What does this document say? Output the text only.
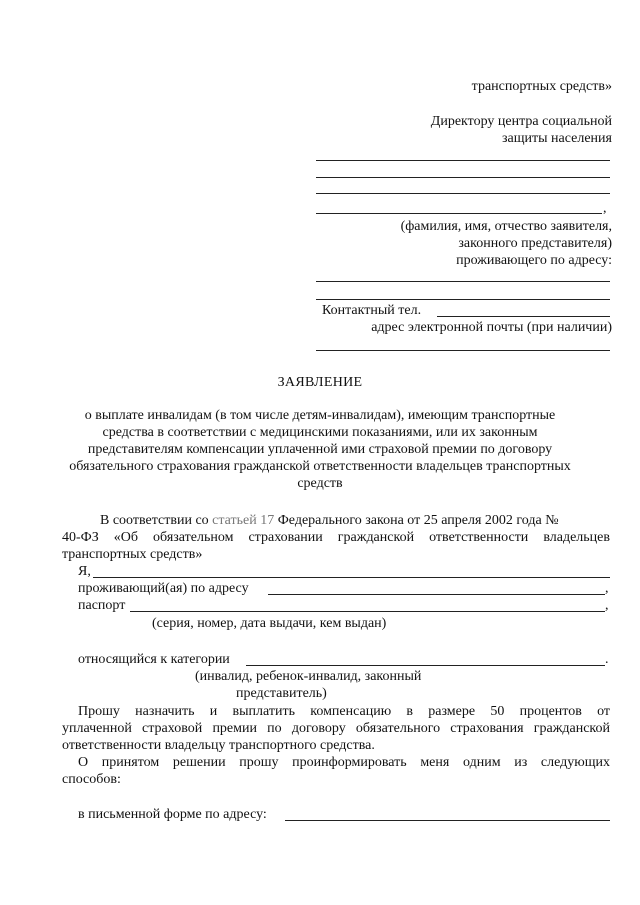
транспортных средств»
Директору центра социальной
защиты населения
,
(фамилия, имя, отчество заявителя,
законного представителя)
проживающего по адресу:
Контактный тел.
адрес электронной почты (при наличии)
ЗАЯВЛЕНИЕ
о выплате инвалидам (в том числе детям-инвалидам), имеющим транспортные
средства в соответствии с медицинскими показаниями, или их законным
представителям компенсации уплаченной ими страховой премии по договору
обязательного страхования гражданской ответственности владельцев транспортных
средств
В соответствии со статьей 17 Федерального закона от 25 апреля 2002 года №
40-ФЗ «Об обязательном страховании гражданской ответственности владельцев
транспортных средств»
Я,
проживающий(ая) по адресу	,
паспорт	,
(серия, номер, дата выдачи, кем выдан)
относящийся к категории	.
(инвалид, ребенок-инвалид, законный
представитель)
Прошу назначить и выплатить компенсацию в размере 50 процентов от
уплаченной страховой премии по договору обязательного страхования гражданской
ответственности владельцу транспортного средства.
О принятом решении прошу проинформировать меня одним из следующих
способов:
в письменной форме по адресу:
